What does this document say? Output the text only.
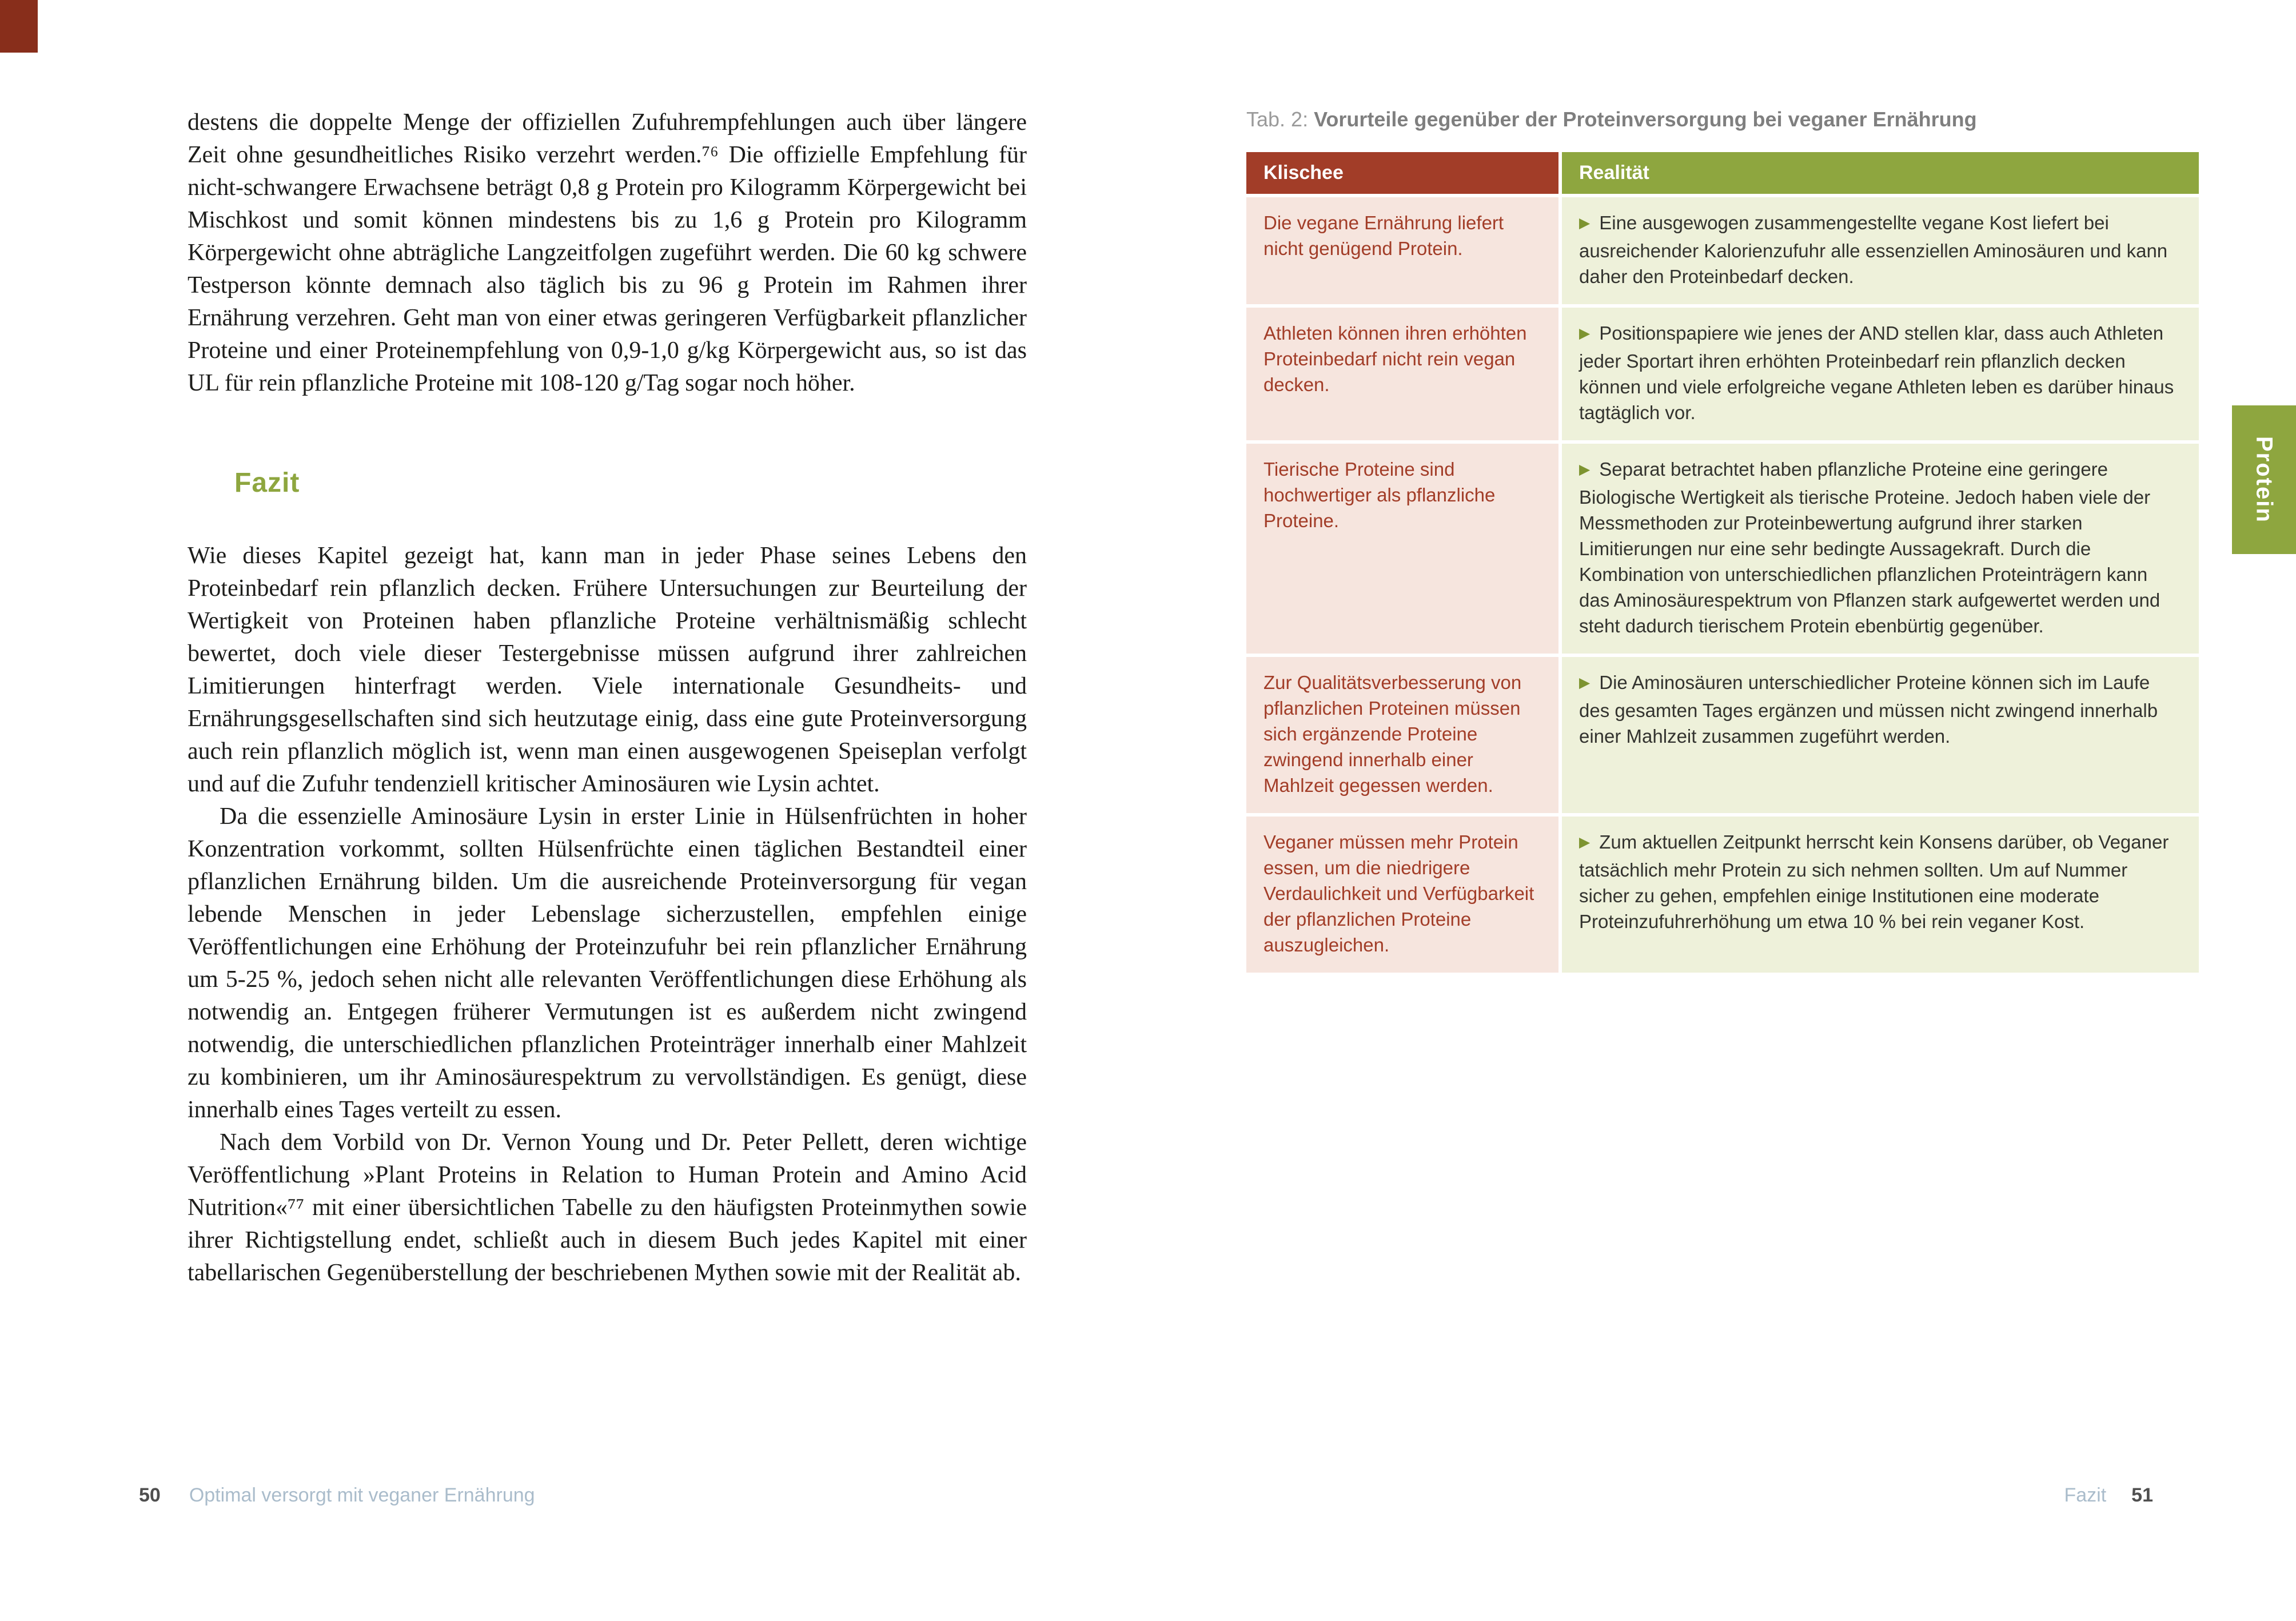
destens die doppelte Menge der offiziellen Zufuhrempfehlungen auch über längere Zeit ohne gesundheitliches Risiko verzehrt werden.⁷⁶ Die offizielle Empfehlung für nicht-schwangere Erwachsene beträgt 0,8 g Protein pro Kilogramm Körpergewicht bei Mischkost und somit können mindestens bis zu 1,6 g Protein pro Kilogramm Körpergewicht ohne abträgliche Langzeitfolgen zugeführt werden. Die 60 kg schwere Testperson könnte demnach also täglich bis zu 96 g Protein im Rahmen ihrer Ernährung verzehren. Geht man von einer etwas geringeren Verfügbarkeit pflanzlicher Proteine und einer Proteinempfehlung von 0,9-1,0 g/kg Körpergewicht aus, so ist das UL für rein pflanzliche Proteine mit 108-120 g/Tag sogar noch höher.

Fazit

Wie dieses Kapitel gezeigt hat, kann man in jeder Phase seines Lebens den Proteinbedarf rein pflanzlich decken. Frühere Untersuchungen zur Beurteilung der Wertigkeit von Proteinen haben pflanzliche Proteine verhältnismäßig schlecht bewertet, doch viele dieser Testergebnisse müssen aufgrund ihrer zahlreichen Limitierungen hinterfragt werden. Viele internationale Gesundheits- und Ernährungsgesellschaften sind sich heutzutage einig, dass eine gute Proteinversorgung auch rein pflanzlich möglich ist, wenn man einen ausgewogenen Speiseplan verfolgt und auf die Zufuhr tendenziell kritischer Aminosäuren wie Lysin achtet.

Da die essenzielle Aminosäure Lysin in erster Linie in Hülsenfrüchten in hoher Konzentration vorkommt, sollten Hülsenfrüchte einen täglichen Bestandteil einer pflanzlichen Ernährung bilden. Um die ausreichende Proteinversorgung für vegan lebende Menschen in jeder Lebenslage sicherzustellen, empfehlen einige Veröffentlichungen eine Erhöhung der Proteinzufuhr bei rein pflanzlicher Ernährung um 5-25 %, jedoch sehen nicht alle relevanten Veröffentlichungen diese Erhöhung als notwendig an. Entgegen früherer Vermutungen ist es außerdem nicht zwingend notwendig, die unterschiedlichen pflanzlichen Proteinträger innerhalb einer Mahlzeit zu kombinieren, um ihr Aminosäurespektrum zu vervollständigen. Es genügt, diese innerhalb eines Tages verteilt zu essen.

Nach dem Vorbild von Dr. Vernon Young und Dr. Peter Pellett, deren wichtige Veröffentlichung »Plant Proteins in Relation to Human Protein and Amino Acid Nutrition«⁷⁷ mit einer übersichtlichen Tabelle zu den häufigsten Proteinmythen sowie ihrer Richtigstellung endet, schließt auch in diesem Buch jedes Kapitel mit einer tabellarischen Gegenüberstellung der beschriebenen Mythen sowie mit der Realität ab.

50 Optimal versorgt mit veganer Ernährung
Tab. 2: Vorurteile gegenüber der Proteinversorgung bei veganer Ernährung
Klischee	Realität
Die vegane Ernährung liefert nicht genügend Protein.
▶ Eine ausgewogen zusammengestellte vegane Kost liefert bei ausreichender Kalorienzufuhr alle essenziellen Aminosäuren und kann daher den Proteinbedarf decken.
Athleten können ihren erhöhten Proteinbedarf nicht rein vegan decken.
▶ Positionspapiere wie jenes der AND stellen klar, dass auch Athleten jeder Sportart ihren erhöhten Proteinbedarf rein pflanzlich decken können und viele erfolgreiche vegane Athleten leben es darüber hinaus tagtäglich vor.
Tierische Proteine sind hochwertiger als pflanzliche Proteine.
▶ Separat betrachtet haben pflanzliche Proteine eine geringere Biologische Wertigkeit als tierische Proteine. Jedoch haben viele der Messmethoden zur Proteinbewertung aufgrund ihrer starken Limitierungen nur eine sehr bedingte Aussagekraft. Durch die Kombination von unterschiedlichen pflanzlichen Proteinträgern kann das Aminosäurespektrum von Pflanzen stark aufgewertet werden und steht dadurch tierischem Protein ebenbürtig gegenüber.
Zur Qualitätsverbesserung von pflanzlichen Proteinen müssen sich ergänzende Proteine zwingend innerhalb einer Mahlzeit gegessen werden.
▶ Die Aminosäuren unterschiedlicher Proteine können sich im Laufe des gesamten Tages ergänzen und müssen nicht zwingend innerhalb einer Mahlzeit zusammen zugeführt werden.
Veganer müssen mehr Protein essen, um die niedrigere Verdaulichkeit und Verfügbarkeit der pflanzlichen Proteine auszugleichen.
▶ Zum aktuellen Zeitpunkt herrscht kein Konsens darüber, ob Veganer tatsächlich mehr Protein zu sich nehmen sollten. Um auf Nummer sicher zu gehen, empfehlen einige Institutionen eine moderate Proteinzufuhrerhöhung um etwa 10 % bei rein veganer Kost.
Fazit 51
Protein
